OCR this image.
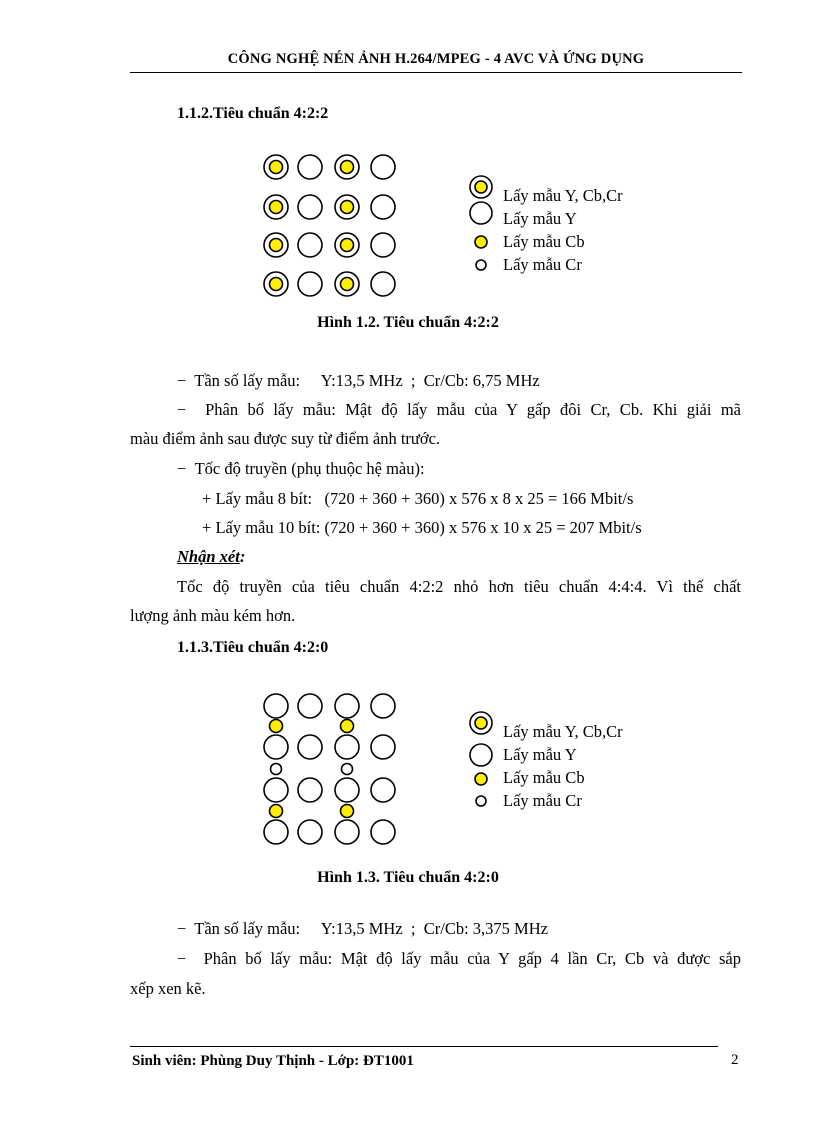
CÔNG NGHỆ NÉN ẢNH H.264/MPEG - 4 AVC VÀ ỨNG DỤNG
1.1.2.Tiêu chuẩn 4:2:2
Lấy mẫu Y, Cb,Cr
Lấy mẫu Y
Lấy mẫu Cb
Lấy mẫu Cr
Hình 1.2. Tiêu chuẩn 4:2:2
− Tần số lấy mẫu: Y:13,5 MHz  ;  Cr/Cb: 6,75 MHz
−  Phân bố lấy mẫu: Mật độ lấy mẫu của Y gấp đôi Cr, Cb. Khi giải mã
màu điểm ảnh sau được suy từ điểm ảnh trước.
−  Tốc độ truyền (phụ thuộc hệ màu):
+ Lấy mẫu 8 bít:   (720 + 360 + 360) x 576 x 8 x 25 = 166 Mbit/s
+ Lấy mẫu 10 bít: (720 + 360 + 360) x 576 x 10 x 25 = 207 Mbit/s
Nhận xét:
Tốc độ truyền của tiêu chuẩn 4:2:2 nhỏ hơn tiêu chuẩn 4:4:4. Vì thế chất
lượng ảnh màu kém hơn.
1.1.3.Tiêu chuẩn 4:2:0
Lấy mẫu Y, Cb,Cr
Lấy mẫu Y
Lấy mẫu Cb
Lấy mẫu Cr
Hình 1.3. Tiêu chuẩn 4:2:0
− Tần số lấy mẫu: Y:13,5 MHz  ;  Cr/Cb: 3,375 MHz
−  Phân bố lấy mẫu: Mật độ lấy mẫu của Y gấp 4 lần Cr, Cb và được sắp
xếp xen kẽ.
Sinh viên: Phùng Duy Thịnh - Lớp: ĐT1001	2
